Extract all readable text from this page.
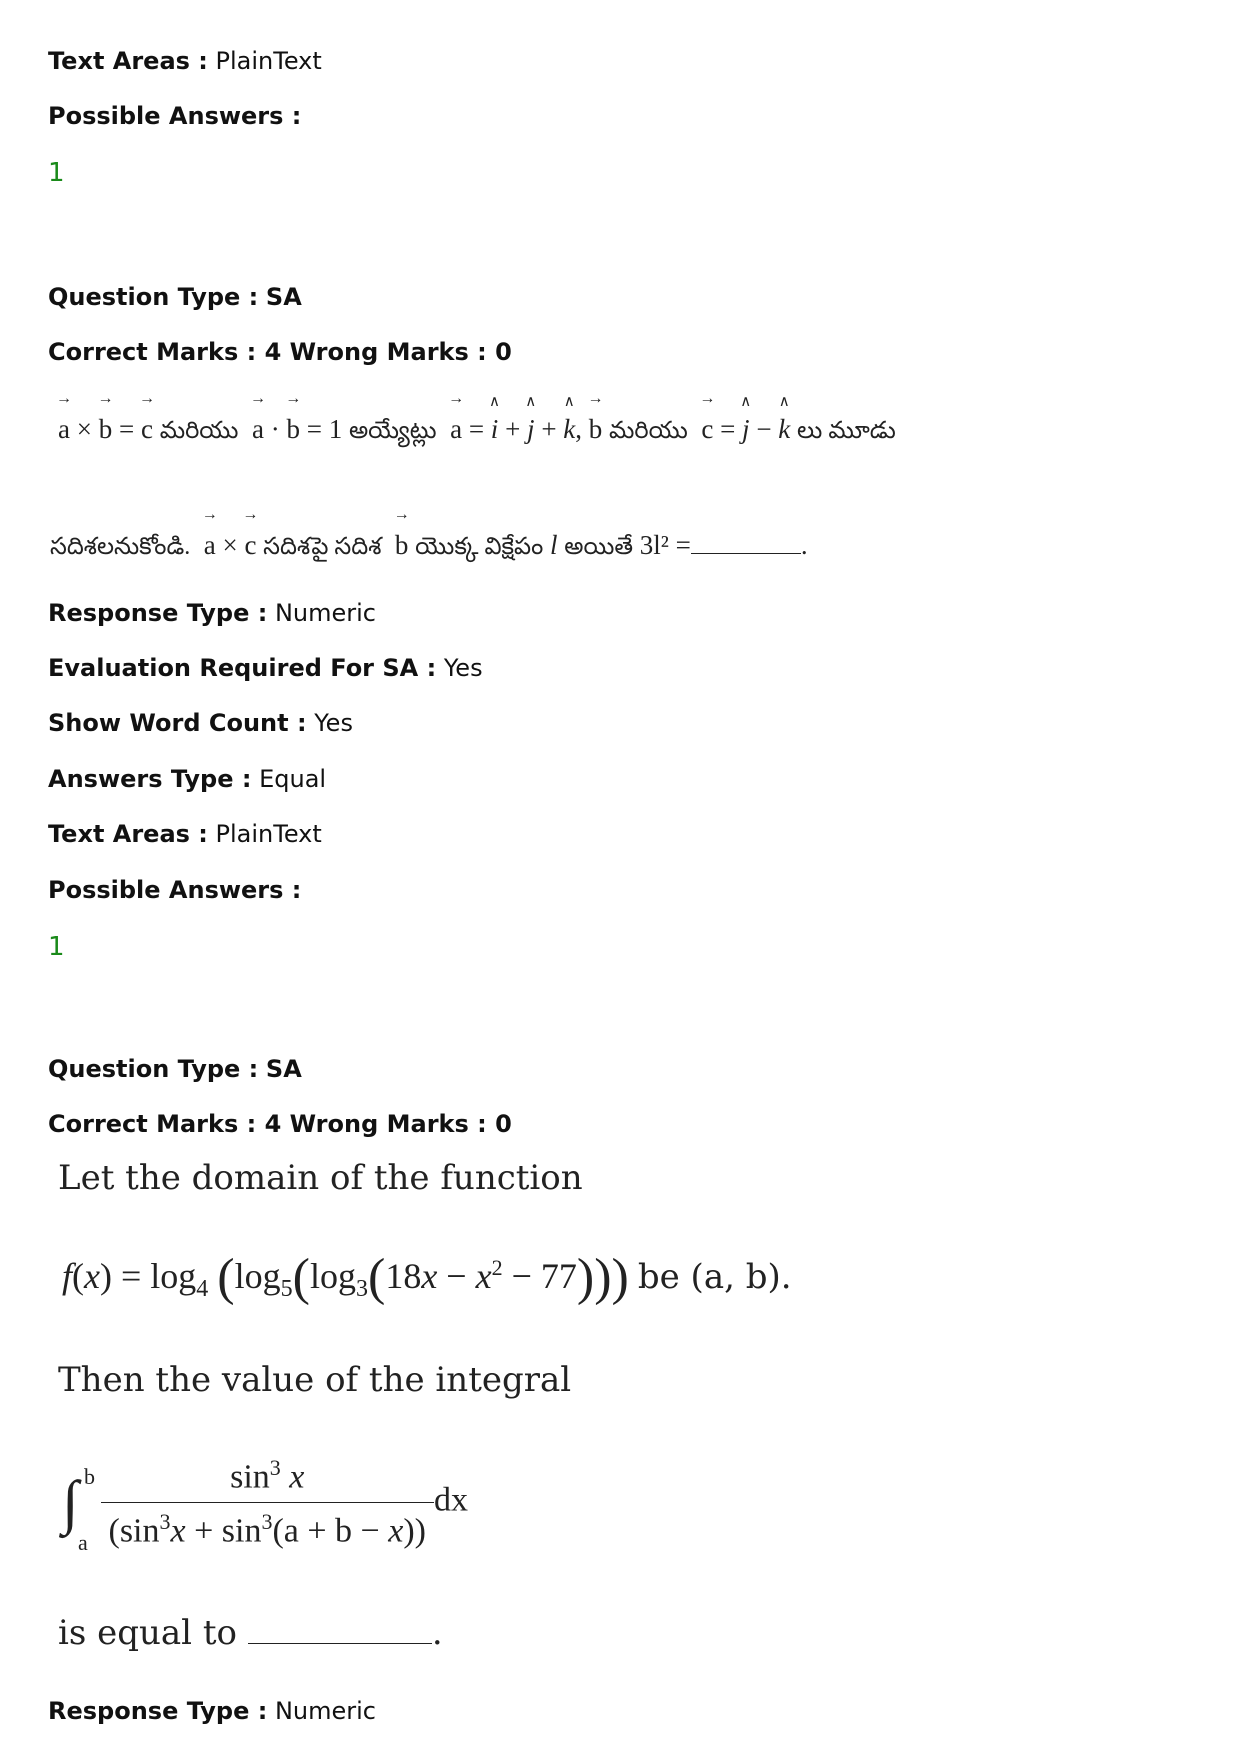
Text Areas : PlainText
Possible Answers :
1
Question Type : SA
Correct Marks : 4 Wrong Marks : 0
→
a ×
→
b =
→
c మరియు
→
a ·
→
b = 1 అయ్యేట్లు
→
a =
∧
i +
∧
j +
∧
k,
→
b మరియు
→
c =
∧
j −
∧
k లు మూడు
సదిశలనుకోండి.
→
a ×
→
c సదిశపై సదిశ
→
b యొక్క విక్షేపం l అయితే 3l² =	.
Response Type : Numeric
Evaluation Required For SA : Yes
Show Word Count : Yes
Answers Type : Equal
Text Areas : PlainText
Possible Answers :
1
Question Type : SA
Correct Marks : 4 Wrong Marks : 0
Let the domain of the function
$f(x) = \log_4 (\log_5(\log_3(18x - x^2 - 77)))$ be (a, b).
Then the value of the integral
∫ b
a
$\frac{\sin^3 x}{(\sin^3x + \sin^3(a + b - x))}$ dx
is equal to	.
Response Type : Numeric
